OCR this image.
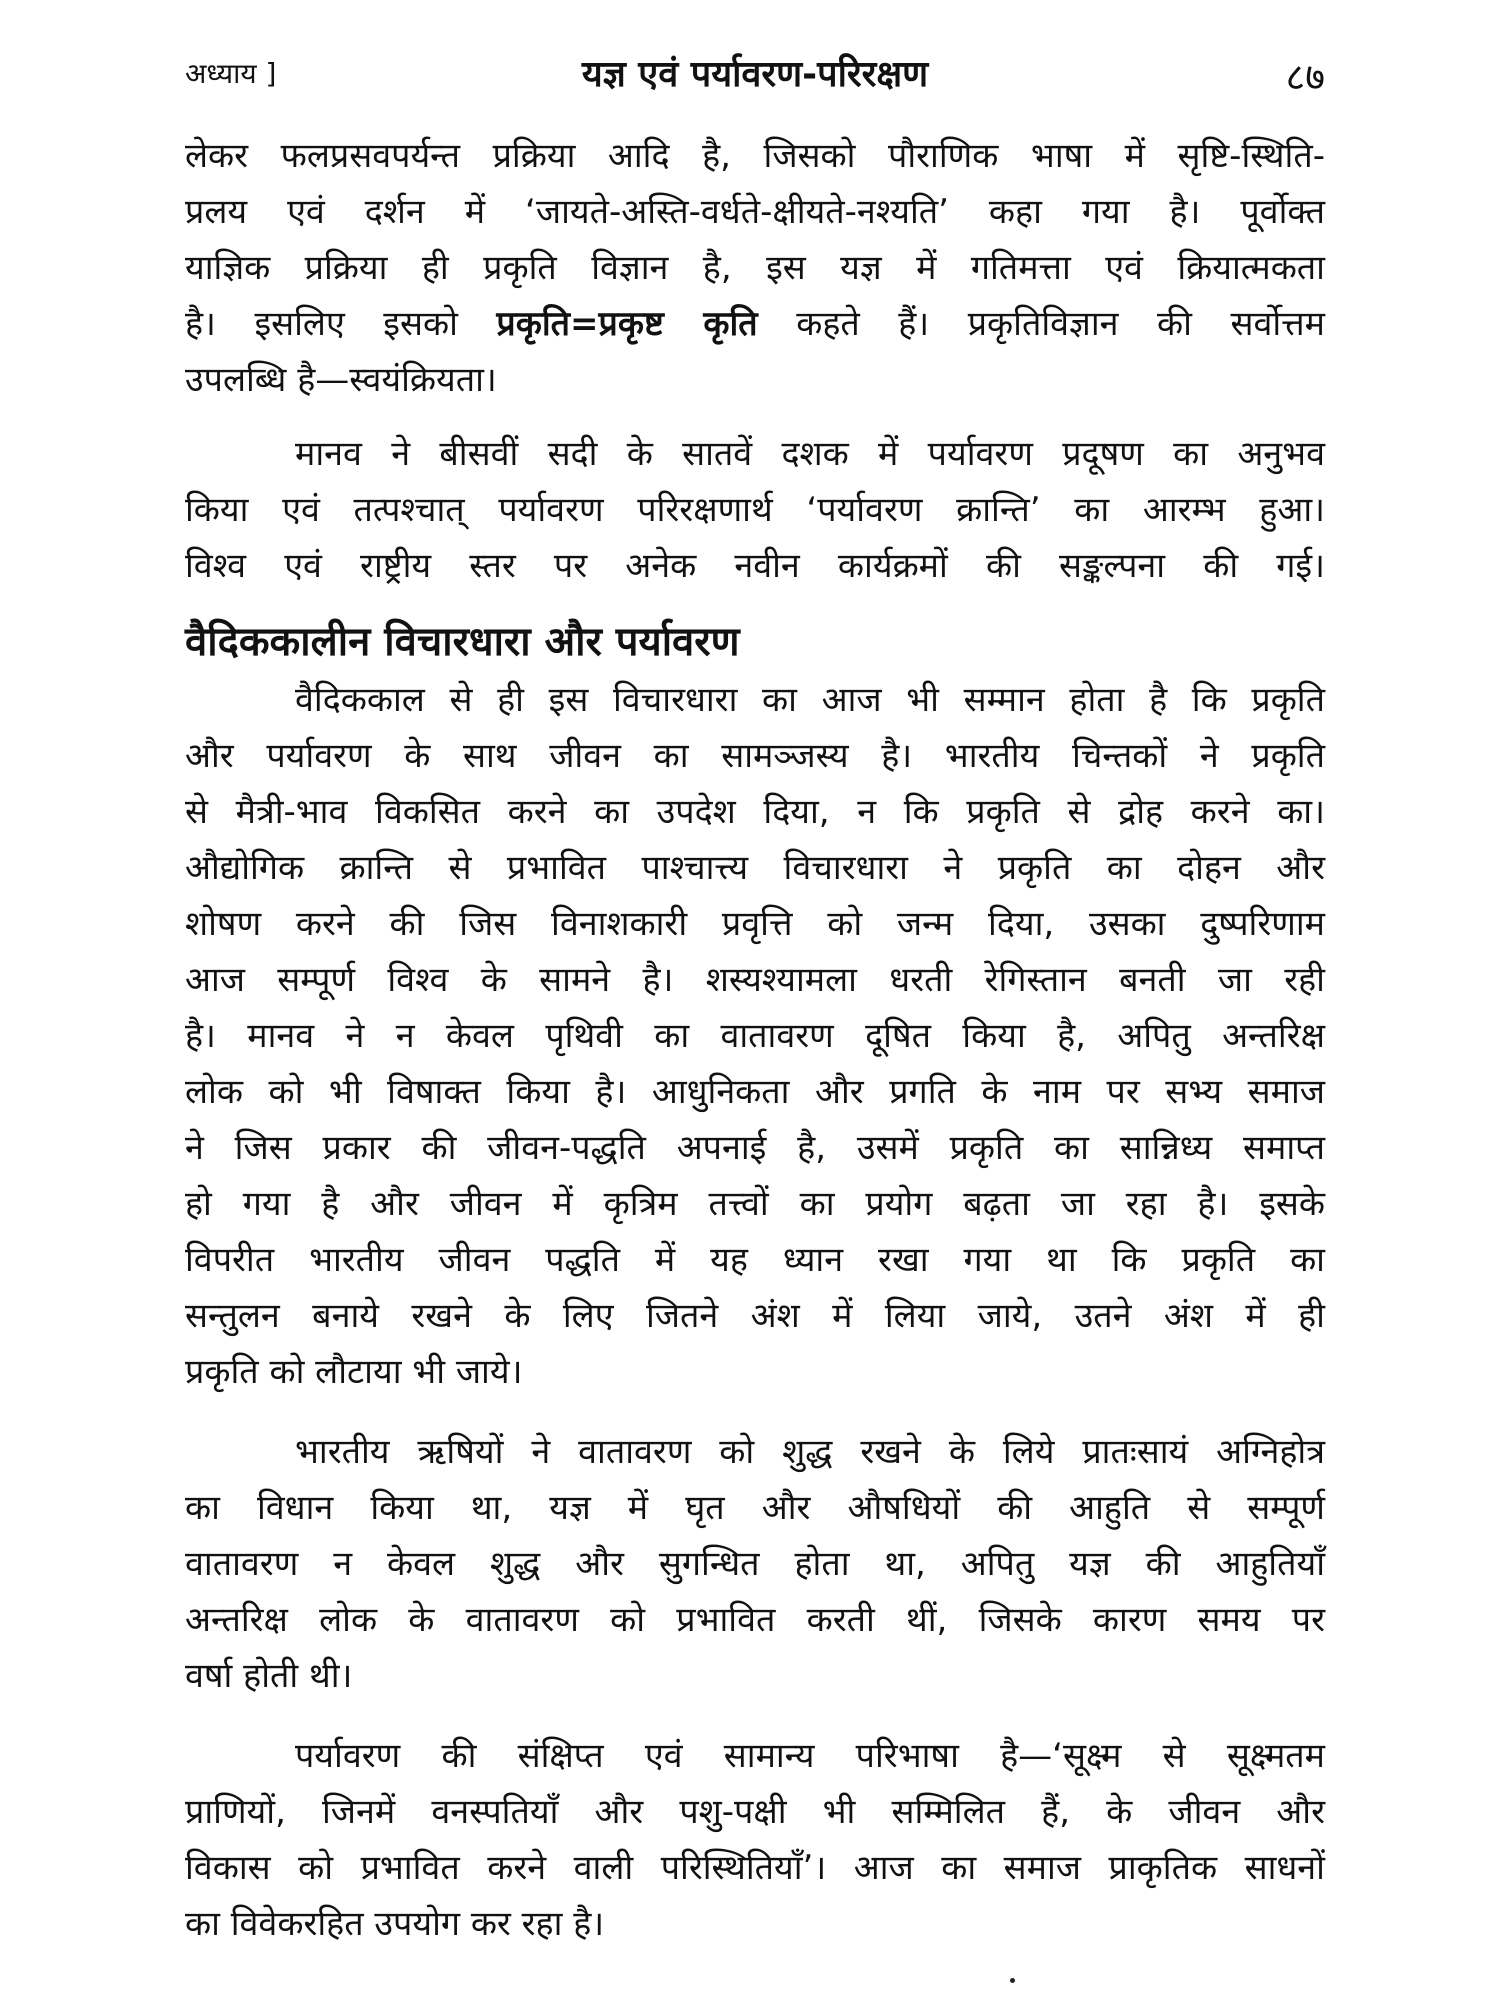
अध्याय ]	यज्ञ एवं पर्यावरण-परिरक्षण	८७

लेकर फलप्रसवपर्यन्त प्रक्रिया आदि है, जिसको पौराणिक भाषा में सृष्टि-स्थिति-
प्रलय एवं दर्शन में ‘जायते-अस्ति-वर्धते-क्षीयते-नश्यति’ कहा गया है। पूर्वोक्त
याज्ञिक प्रक्रिया ही प्रकृति विज्ञान है, इस यज्ञ में गतिमत्ता एवं क्रियात्मकता
है। इसलिए इसको प्रकृति=प्रकृष्ट कृति कहते हैं। प्रकृतिविज्ञान की सर्वोत्तम
उपलब्धि है—स्वयंक्रियता।

मानव ने बीसवीं सदी के सातवें दशक में पर्यावरण प्रदूषण का अनुभव
किया एवं तत्पश्चात् पर्यावरण परिरक्षणार्थ ‘पर्यावरण क्रान्ति’ का आरम्भ हुआ।
विश्व एवं राष्ट्रीय स्तर पर अनेक नवीन कार्यक्रमों की सङ्कल्पना की गई।

वैदिककालीन विचारधारा और पर्यावरण

वैदिककाल से ही इस विचारधारा का आज भी सम्मान होता है कि प्रकृति
और पर्यावरण के साथ जीवन का सामञ्जस्य है। भारतीय चिन्तकों ने प्रकृति
से मैत्री-भाव विकसित करने का उपदेश दिया, न कि प्रकृति से द्रोह करने का।
औद्योगिक क्रान्ति से प्रभावित पाश्चात्त्य विचारधारा ने प्रकृति का दोहन और
शोषण करने की जिस विनाशकारी प्रवृत्ति को जन्म दिया, उसका दुष्परिणाम
आज सम्पूर्ण विश्व के सामने है। शस्यश्यामला धरती रेगिस्तान बनती जा रही
है। मानव ने न केवल पृथिवी का वातावरण दूषित किया है, अपितु अन्तरिक्ष
लोक को भी विषाक्त किया है। आधुनिकता और प्रगति के नाम पर सभ्य समाज
ने जिस प्रकार की जीवन-पद्धति अपनाई है, उसमें प्रकृति का सान्निध्य समाप्त
हो गया है और जीवन में कृत्रिम तत्त्वों का प्रयोग बढ़ता जा रहा है। इसके
विपरीत भारतीय जीवन पद्धति में यह ध्यान रखा गया था कि प्रकृति का
सन्तुलन बनाये रखने के लिए जितने अंश में लिया जाये, उतने अंश में ही
प्रकृति को लौटाया भी जाये।

भारतीय ऋषियों ने वातावरण को शुद्ध रखने के लिये प्रातःसायं अग्निहोत्र
का विधान किया था, यज्ञ में घृत और औषधियों की आहुति से सम्पूर्ण
वातावरण न केवल शुद्ध और सुगन्धित होता था, अपितु यज्ञ की आहुतियाँ
अन्तरिक्ष लोक के वातावरण को प्रभावित करती थीं, जिसके कारण समय पर
वर्षा होती थी।

पर्यावरण की संक्षिप्त एवं सामान्य परिभाषा है—‘सूक्ष्म से सूक्ष्मतम
प्राणियों, जिनमें वनस्पतियाँ और पशु-पक्षी भी सम्मिलित हैं, के जीवन और
विकास को प्रभावित करने वाली परिस्थितियाँ’। आज का समाज प्राकृतिक साधनों
का विवेकरहित उपयोग कर रहा है।
